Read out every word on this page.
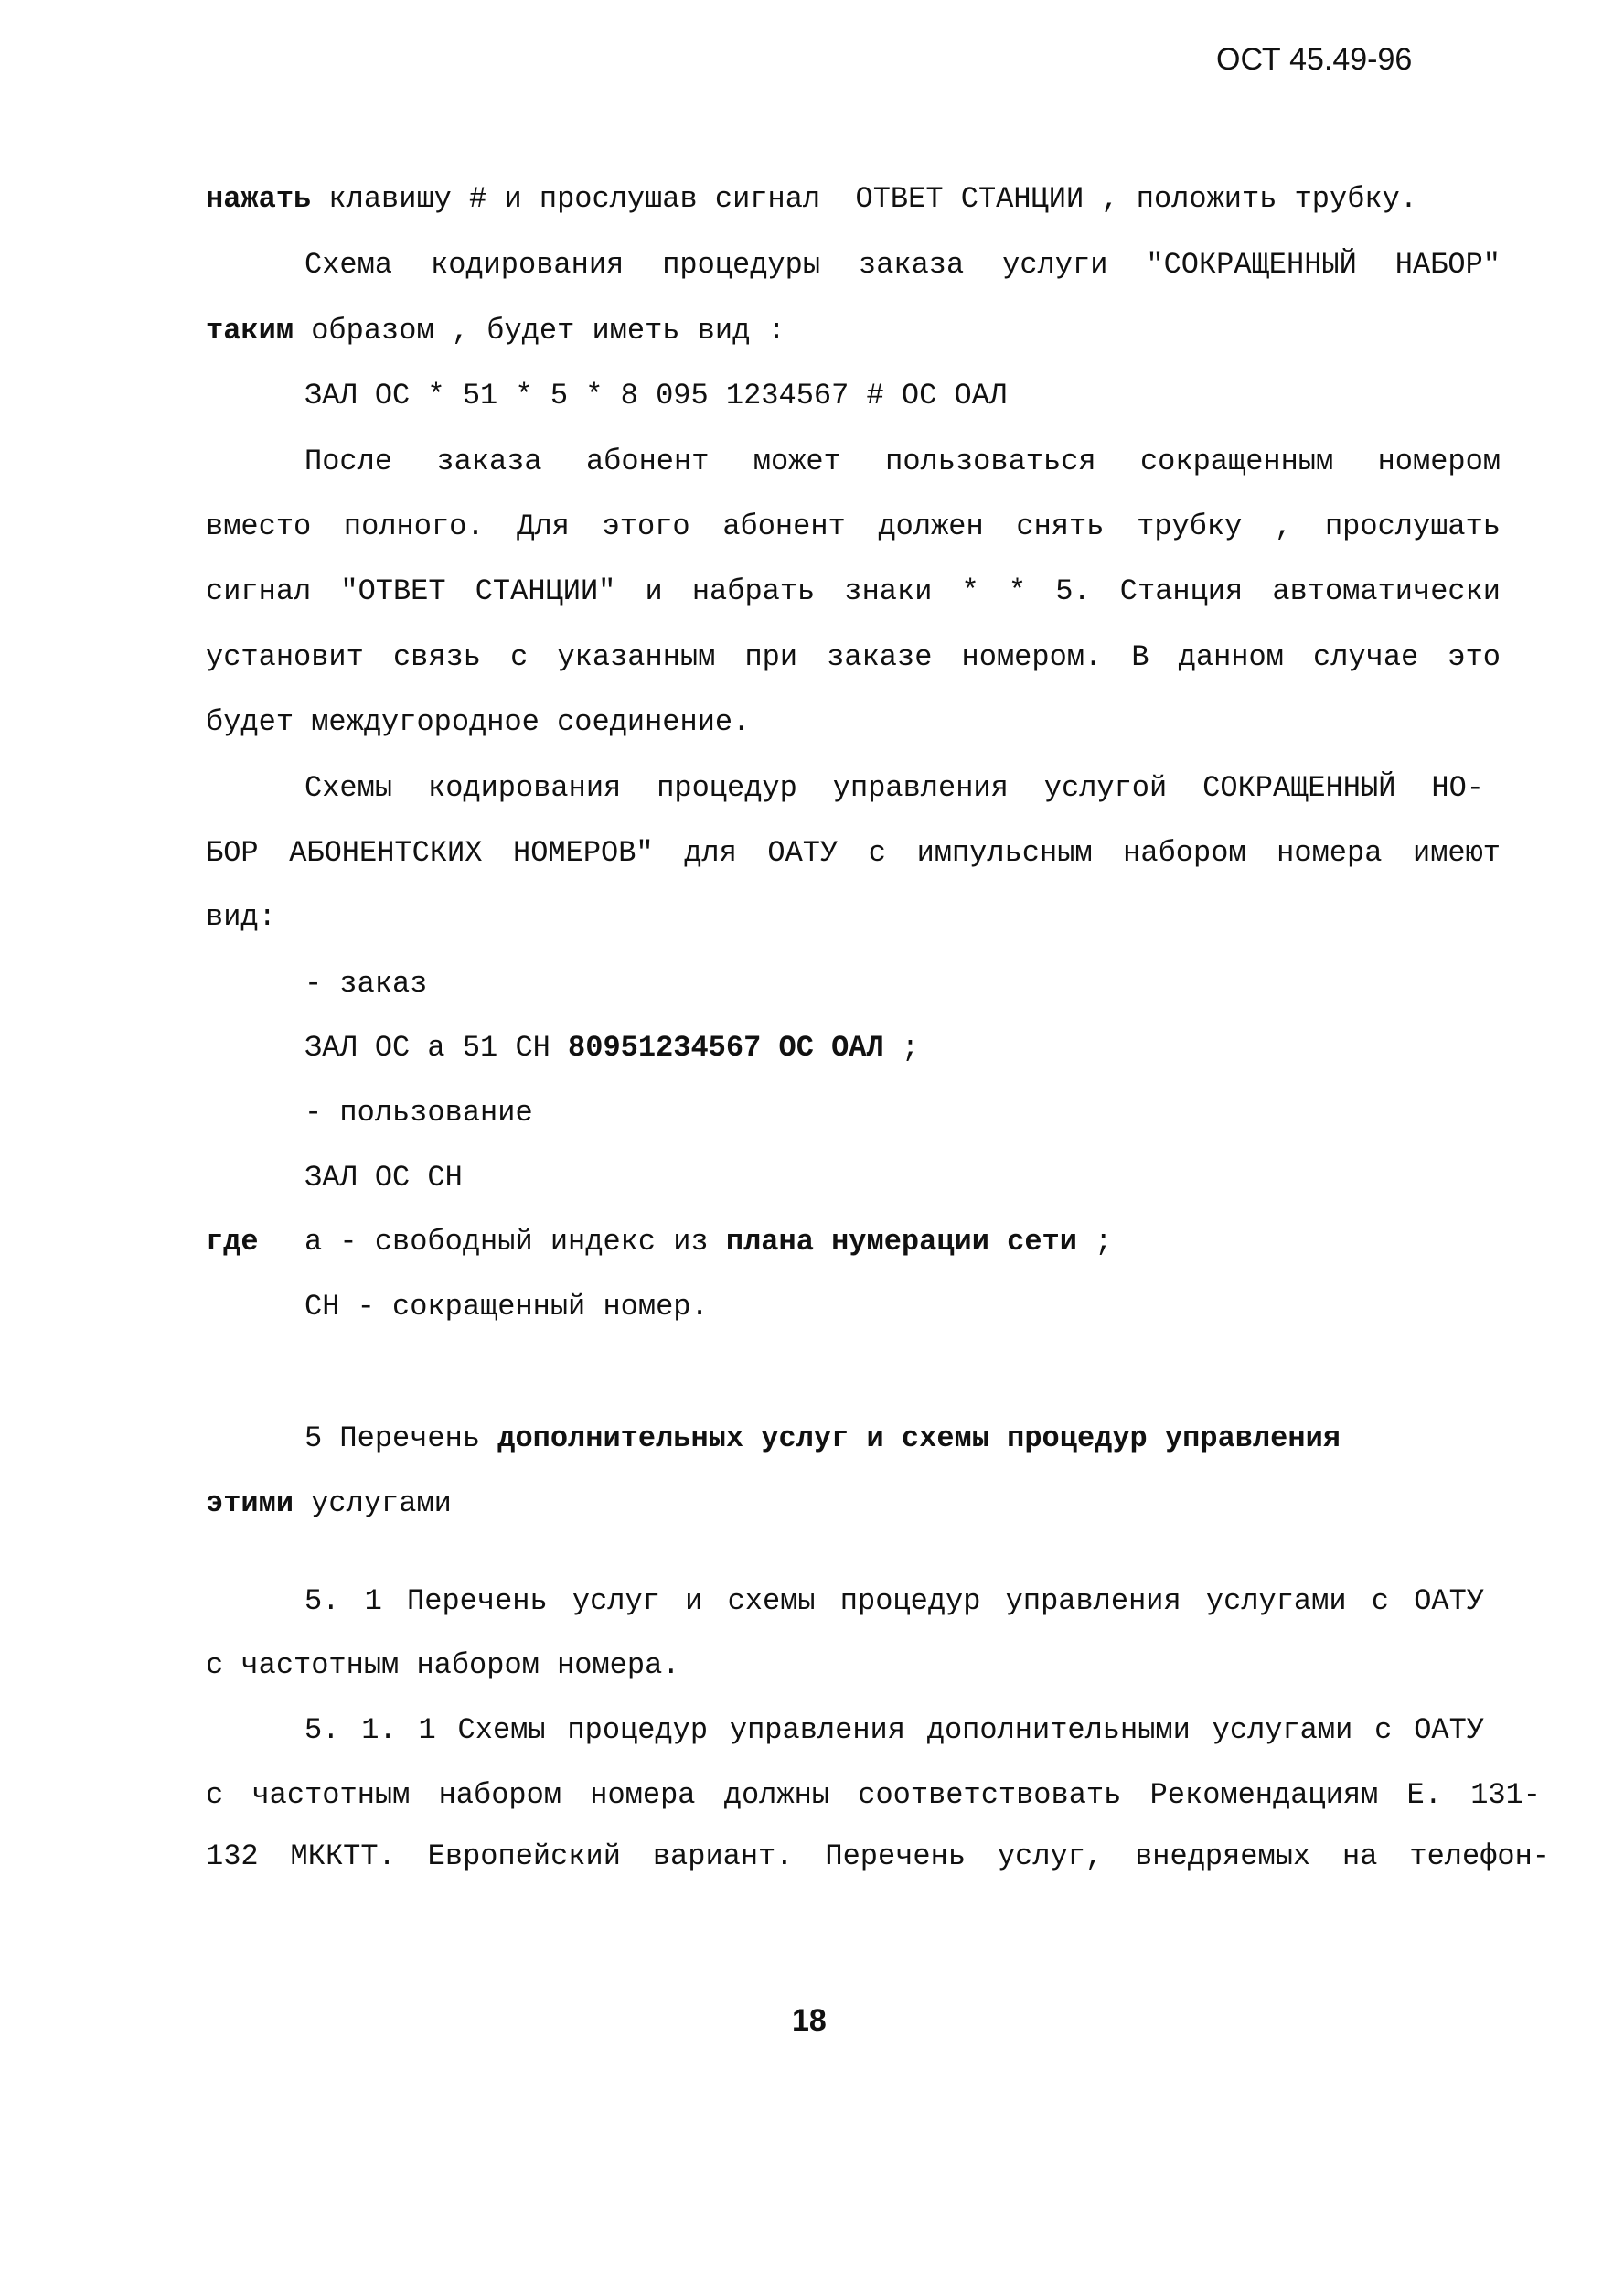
ОСТ 45.49-96
нажать клавишу # и прослушав сигнал  ОТВЕТ СТАНЦИИ , положить трубку.
Схема кодирования процедуры заказа услуги "СОКРАЩЕННЫЙ НАБОР"
таким образом , будет иметь вид :
ЗАЛ ОС * 51 * 5 * 8 095 1234567 # ОС ОАЛ
После заказа абонент может пользоваться сокращенным номером
вместо полного. Для этого абонент должен снять трубку , прослушать
сигнал "ОТВЕТ СТАНЦИИ" и набрать знаки * * 5. Станция автоматически
установит связь с указанным при заказе номером. В данном случае это
будет междугородное соединение.
Схемы кодирования процедур управления услугой СОКРАЩЕННЫЙ НО-
БОР АБОНЕНТСКИХ НОМЕРОВ" для ОАТУ с импульсным набором номера имеют
вид:
- заказ
ЗАЛ ОС а 51 СН 80951234567 ОС ОАЛ ;
- пользование
ЗАЛ ОС СН
где	а - свободный индекс из плана нумерации сети ;
СН - сокращенный номер.
5 Перечень дополнительных услуг и схемы процедур управления
этими услугами
5. 1 Перечень услуг и схемы процедур управления услугами с ОАТУ
с частотным набором номера.
5. 1. 1 Схемы процедур управления дополнительными услугами с ОАТУ
с частотным набором номера должны соответствовать Рекомендациям Е. 131-
132 МККТТ. Европейский вариант. Перечень услуг, внедряемых на телефон-
18
